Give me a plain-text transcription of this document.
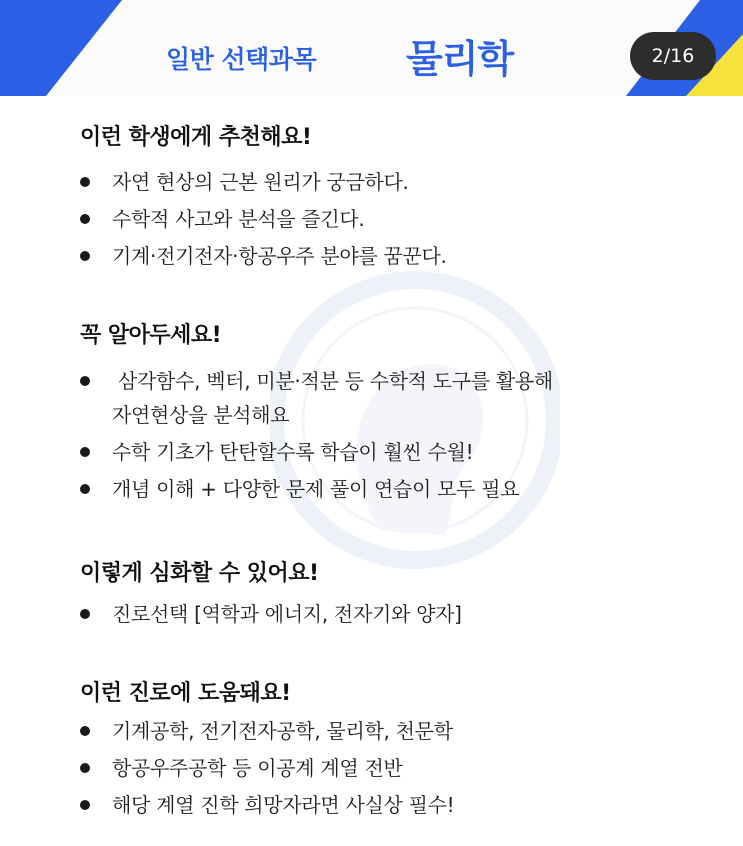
일반 선택과목 물리학	2/16
이런 학생에게 추천해요!
자연 현상의 근본 원리가 궁금하다.
수학적 사고와 분석을 즐긴다.
기계·전기전자·항공우주 분야를 꿈꾼다.
꼭 알아두세요!
삼각함수, 벡터, 미분·적분 등 수학적 도구를 활용해
자연현상을 분석해요
수학 기초가 탄탄할수록 학습이 훨씬 수월!
개념 이해 + 다양한 문제 풀이 연습이 모두 필요
이렇게 심화할 수 있어요!
진로선택 [역학과 에너지, 전자기와 양자]
이런 진로에 도움돼요!
기계공학, 전기전자공학, 물리학, 천문학
항공우주공학 등 이공계 계열 전반
해당 계열 진학 희망자라면 사실상 필수!
